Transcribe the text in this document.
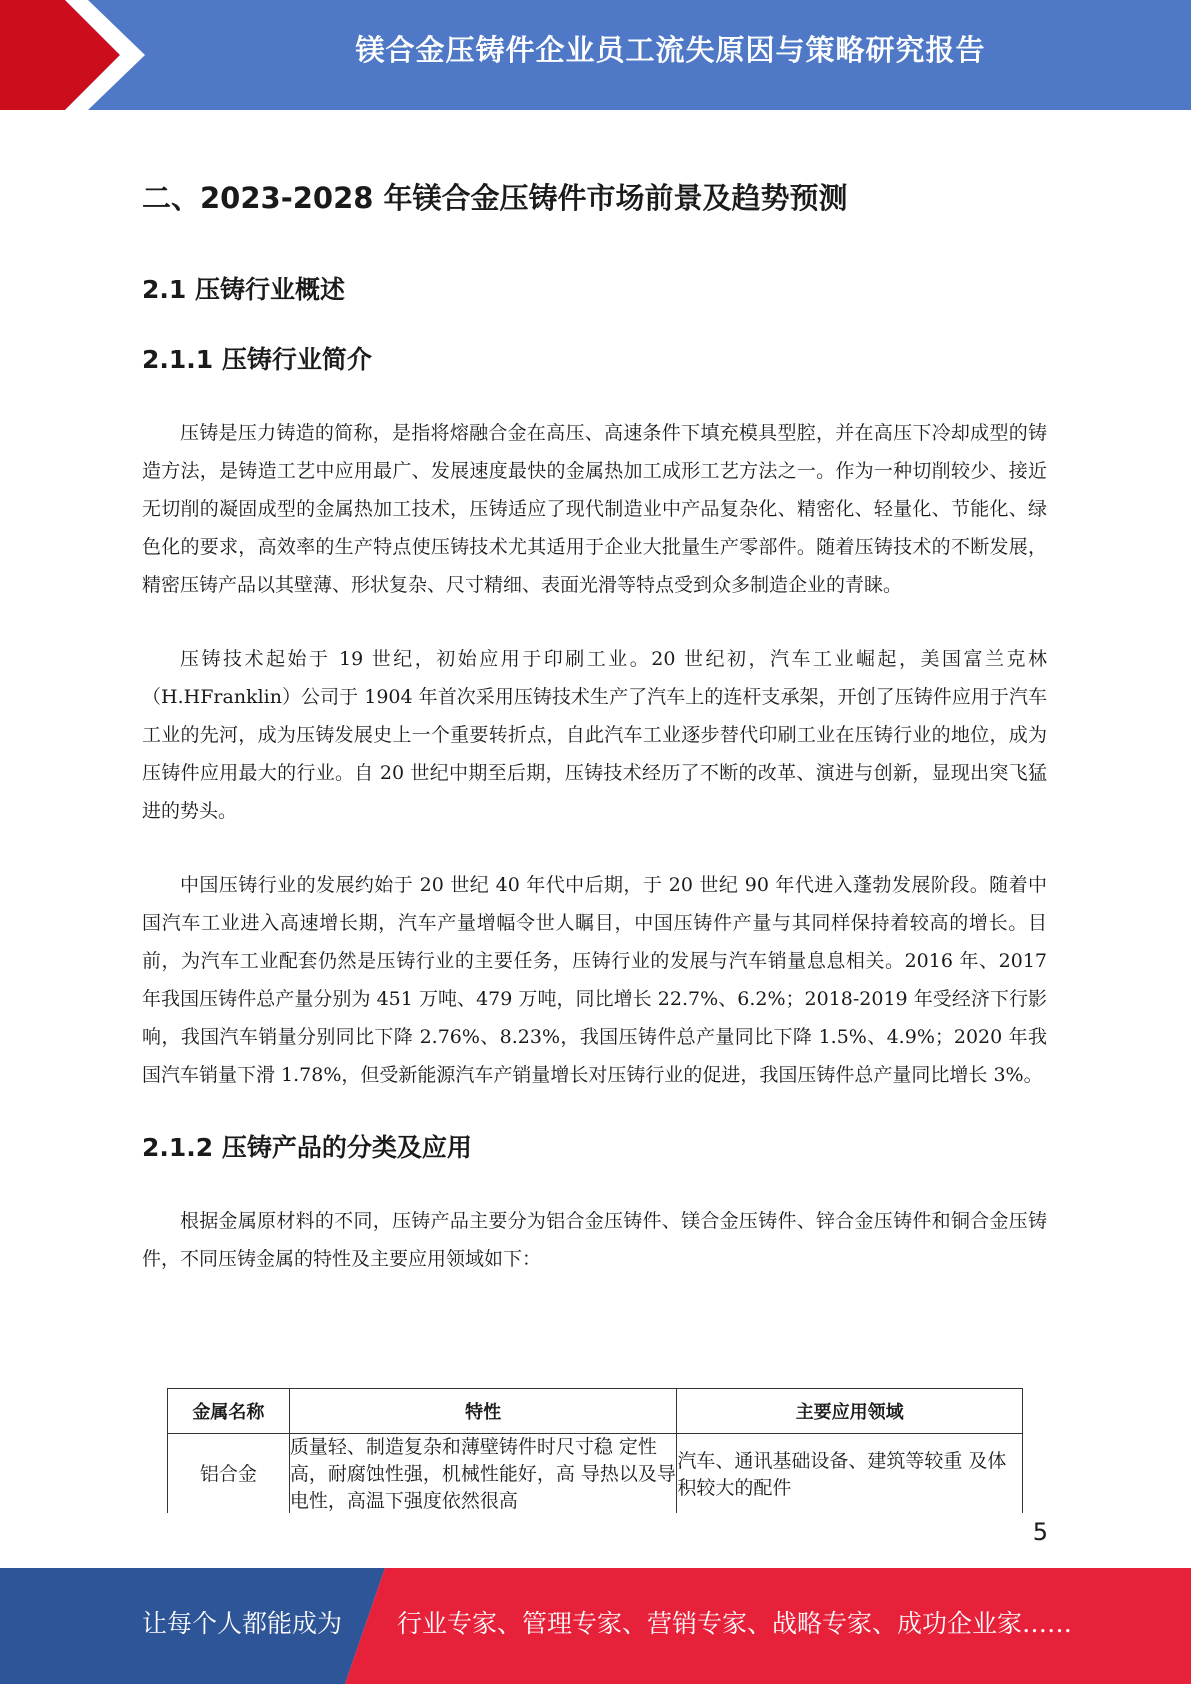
镁合金压铸件企业员工流失原因与策略研究报告
二、2023-2028 年镁合金压铸件市场前景及趋势预测
2.1 压铸行业概述
2.1.1 压铸行业简介

压铸是压力铸造的简称，是指将熔融合金在高压、高速条件下填充模具型腔，并在高压下冷却成型的铸造方法，是铸造工艺中应用最广、发展速度最快的金属热加工成形工艺方法之一。作为一种切削较少、接近无切削的凝固成型的金属热加工技术，压铸适应了现代制造业中产品复杂化、精密化、轻量化、节能化、绿色化的要求，高效率的生产特点使压铸技术尤其适用于企业大批量生产零部件。随着压铸技术的不断发展，精密压铸产品以其壁薄、形状复杂、尺寸精细、表面光滑等特点受到众多制造企业的青睐。

压铸技术起始于 19 世纪，初始应用于印刷工业。20 世纪初，汽车工业崛起，美国富兰克林（H.HFranklin）公司于 1904 年首次采用压铸技术生产了汽车上的连杆支承架，开创了压铸件应用于汽车工业的先河，成为压铸发展史上一个重要转折点，自此汽车工业逐步替代印刷工业在压铸行业的地位，成为压铸件应用最大的行业。自 20 世纪中期至后期，压铸技术经历了不断的改革、演进与创新，显现出突飞猛进的势头。

中国压铸行业的发展约始于 20 世纪 40 年代中后期，于 20 世纪 90 年代进入蓬勃发展阶段。随着中国汽车工业进入高速增长期，汽车产量增幅令世人瞩目，中国压铸件产量与其同样保持着较高的增长。目前，为汽车工业配套仍然是压铸行业的主要任务，压铸行业的发展与汽车销量息息相关。2016 年、2017 年我国压铸件总产量分别为 451 万吨、479 万吨，同比增长 22.7%、6.2%；2018-2019 年受经济下行影响，我国汽车销量分别同比下降 2.76%、8.23%，我国压铸件总产量同比下降 1.5%、4.9%；2020 年我国汽车销量下滑 1.78%，但受新能源汽车产销量增长对压铸行业的促进，我国压铸件总产量同比增长 3%。

2.1.2 压铸产品的分类及应用

根据金属原材料的不同，压铸产品主要分为铝合金压铸件、镁合金压铸件、锌合金压铸件和铜合金压铸件，不同压铸金属的特性及主要应用领域如下：

金属名称	特性	主要应用领域
铝合金	质量轻、制造复杂和薄壁铸件时尺寸稳 定性高，耐腐蚀性强，机械性能好，高 导热以及导电性，高温下强度依然很高	汽车、通讯基础设备、建筑等较重 及体积较大的配件
5
让每个人都能成为 行业专家、管理专家、营销专家、战略专家、成功企业家……
